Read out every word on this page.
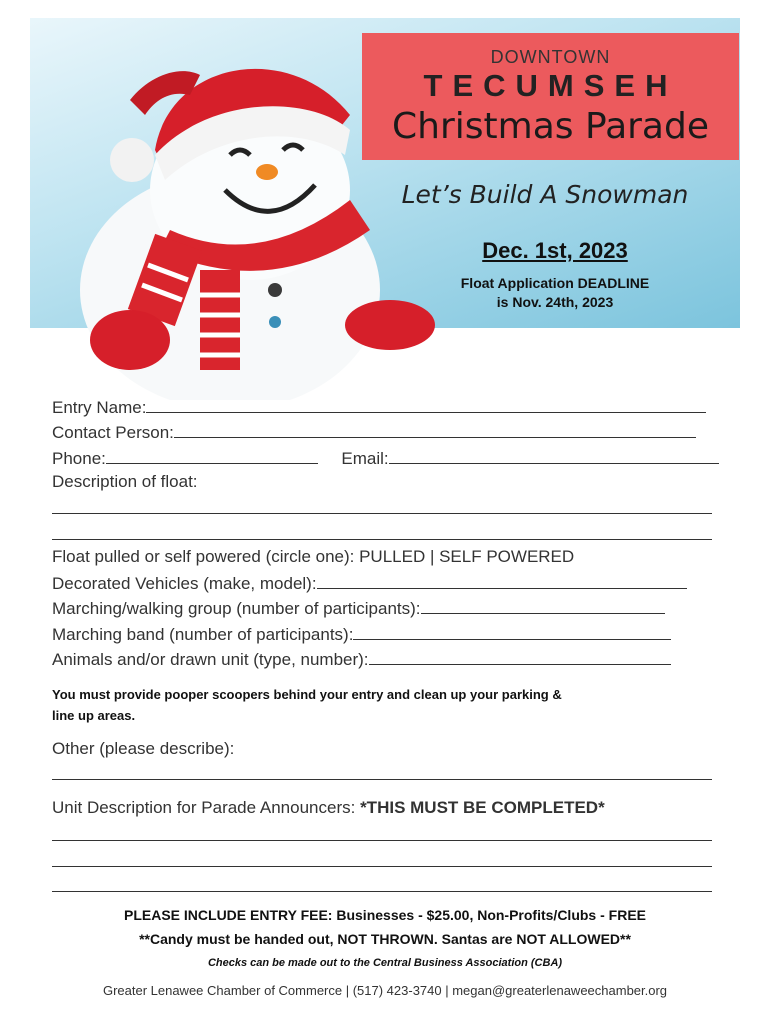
DOWNTOWN
TECUMSEH
Christmas Parade
Let’s Build A Snowman
Dec. 1st, 2023
Float Application DEADLINE
is Nov. 24th, 2023
Entry Name:
Contact Person:
Phone:	Email:
Description of float:
Float pulled or self powered (circle one): PULLED | SELF POWERED
Decorated Vehicles (make, model):
Marching/walking group (number of participants):
Marching band (number of participants):
Animals and/or drawn unit (type, number):
You must provide pooper scoopers behind your entry and clean up your parking &
line up areas.
Other (please describe):
Unit Description for Parade Announcers: *THIS MUST BE COMPLETED*
PLEASE INCLUDE ENTRY FEE: Businesses - $25.00, Non-Profits/Clubs - FREE
**Candy must be handed out, NOT THROWN. Santas are NOT ALLOWED**
Checks can be made out to the Central Business Association (CBA)
Greater Lenawee Chamber of Commerce | (517) 423-3740 | megan@greaterlenaweechamber.org
